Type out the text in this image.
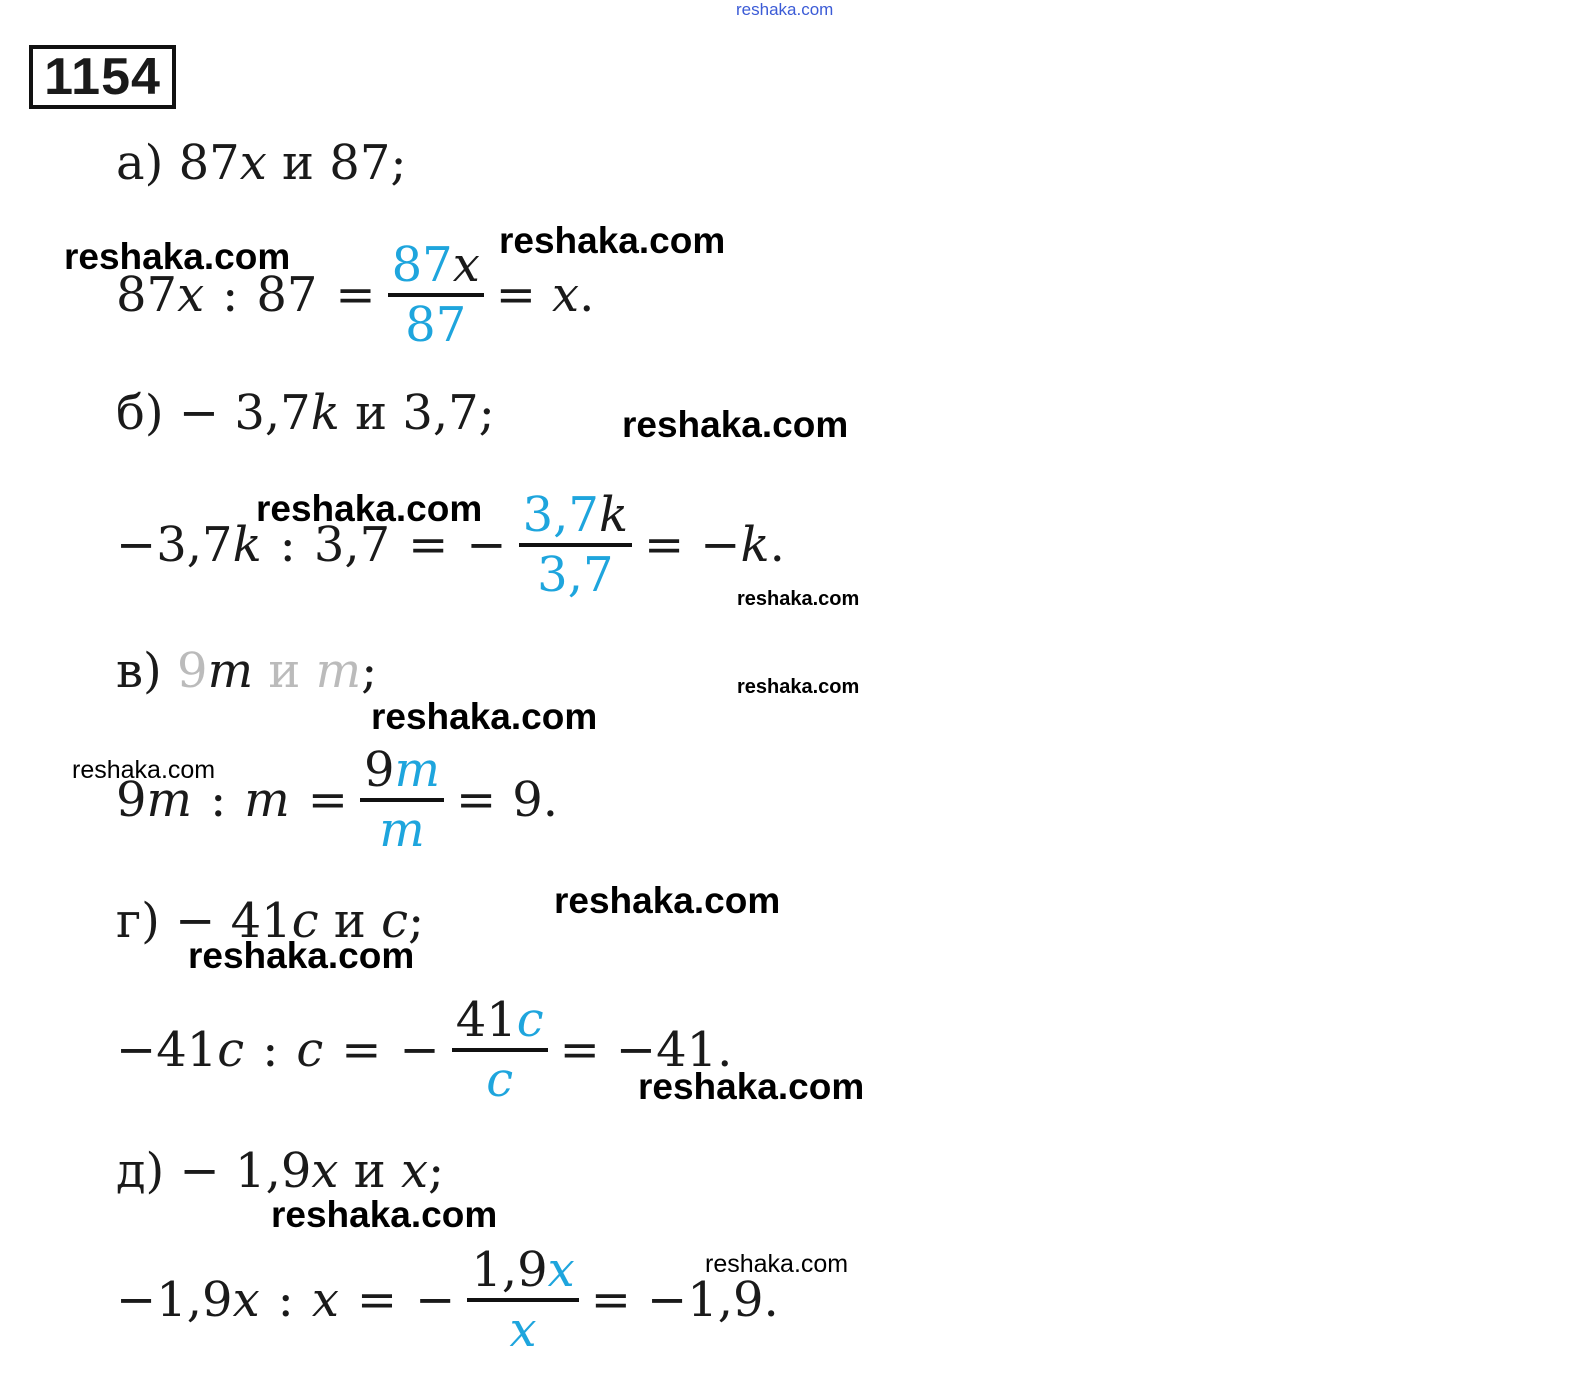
reshaka.com
1154
а) 87x и 87;
87 x : $87 = \frac{87x}{87} = x$ .
б) − 3,7k и 3,7;
−3,7 k : 3,7 = − $\frac{3,7k}{3,7} = -k$ .
в) 9m и m;
9 m : $m = \frac{9m}{m} = 9$ .
г) − 41c и c;
−41 c : c = − $\frac{41c}{c} = -41$ .
д) − 1,9x и x;
−1,9 x : x = − $\frac{1,9x}{x} = -1,9$ .
reshaka.com	reshaka.com
reshaka.com
reshaka.com
reshaka.com
reshaka.com
reshaka.com
reshaka.com
reshaka.com
reshaka.com
reshaka.com
reshaka.com
reshaka.com
